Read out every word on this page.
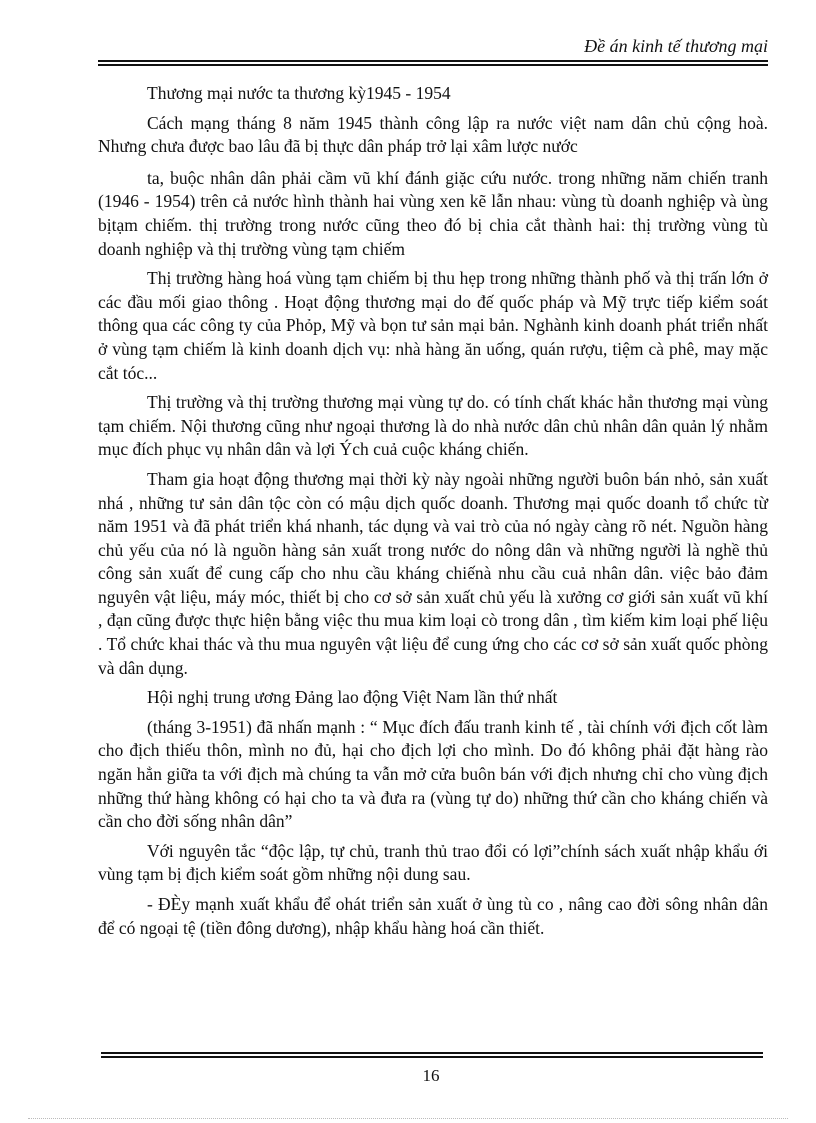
Đề án kinh tế thương mại

Thương mại nước ta thương kỳ1945 - 1954

Cách mạng tháng 8 năm 1945 thành công lập ra nước việt nam dân chủ cộng hoà. Nhưng chưa được bao lâu đã bị thực dân pháp trở lại xâm lược nước

ta, buộc nhân dân phải cầm vũ khí đánh giặc cứu nước. trong những năm chiến tranh (1946 - 1954) trên cả nước hình thành hai vùng xen kẽ lẫn nhau: vùng tù doanh nghiệp và ùng bịtạm chiếm. thị trường trong nước cũng theo đó bị chia cắt thành hai: thị trường vùng tù doanh nghiệp và thị trường vùng tạm chiếm

Thị trường hàng hoá vùng tạm chiếm bị thu hẹp trong những thành phố và thị trấn lớn ở các đầu mối giao thông . Hoạt động thương mại do đế quốc pháp và Mỹ trực tiếp kiểm soát thông qua các công ty của Phỏp, Mỹ và bọn tư sản mại bản. Nghành kinh doanh phát triển nhất ở vùng tạm chiếm là kinh doanh dịch vụ: nhà hàng ăn uống, quán rượu, tiệm cà phê, may mặc cắt tóc...

Thị trường và thị trường thương mại vùng tự do. có tính chất khác hẳn thương mại vùng tạm chiếm. Nội thương cũng như ngoại thương là do nhà nước dân chủ nhân dân quản lý nhằm mục đích phục vụ nhân dân và lợi Ých cuả cuộc kháng chiến.

Tham gia hoạt động thương mại thời kỳ này ngoài những người buôn bán nhỏ, sản xuất nhá , những tư sản dân tộc còn có mậu dịch quốc doanh. Thương mại quốc doanh tổ chức từ năm 1951 và đã phát triển khá nhanh, tác dụng và vai trò của nó ngày càng rõ nét. Nguồn hàng chủ yếu của nó là nguồn hàng sản xuất trong nước do nông dân và những người là nghề thủ công sản xuất để cung cấp cho nhu cầu kháng chiếnà nhu cầu cuả nhân dân. việc bảo đảm nguyên vật liệu, máy móc, thiết bị cho cơ sở sản xuất chủ yếu là xưởng cơ giới sản xuất vũ khí , đạn cũng được thực hiện bằng việc thu mua kim loại cò trong dân , tìm kiếm kim loại phế liệu . Tổ chức khai thác và thu mua nguyên vật liệu để cung ứng cho các cơ sở sản xuất quốc phòng và dân dụng.

Hội nghị trung ương Đảng lao động Việt Nam lần thứ nhất

(tháng 3-1951) đã nhấn mạnh : “ Mục đích đấu tranh kinh tế , tài chính với địch cốt làm cho địch thiếu thôn, mình no đủ, hại cho địch lợi cho mình. Do đó không phải đặt hàng rào ngăn hẳn giữa ta với địch mà chúng ta vẫn mở cửa buôn bán với địch nhưng chỉ cho vùng địch những thứ hàng không có hại cho ta và đưa ra (vùng tự do) những thứ cần cho kháng chiến và cần cho đời sống nhân dân”

Với nguyên tắc “độc lập, tự chủ, tranh thủ trao đổi có lợi”chính sách xuất nhập khẩu ới vùng tạm bị địch kiểm soát gồm những nội dung sau.

- ĐÈy mạnh xuất khẩu để ohát triển sản xuất ở ùng tù co , nâng cao đời sông nhân dân để có ngoại tệ (tiền đông dương), nhập khẩu hàng hoá cần thiết.

16
